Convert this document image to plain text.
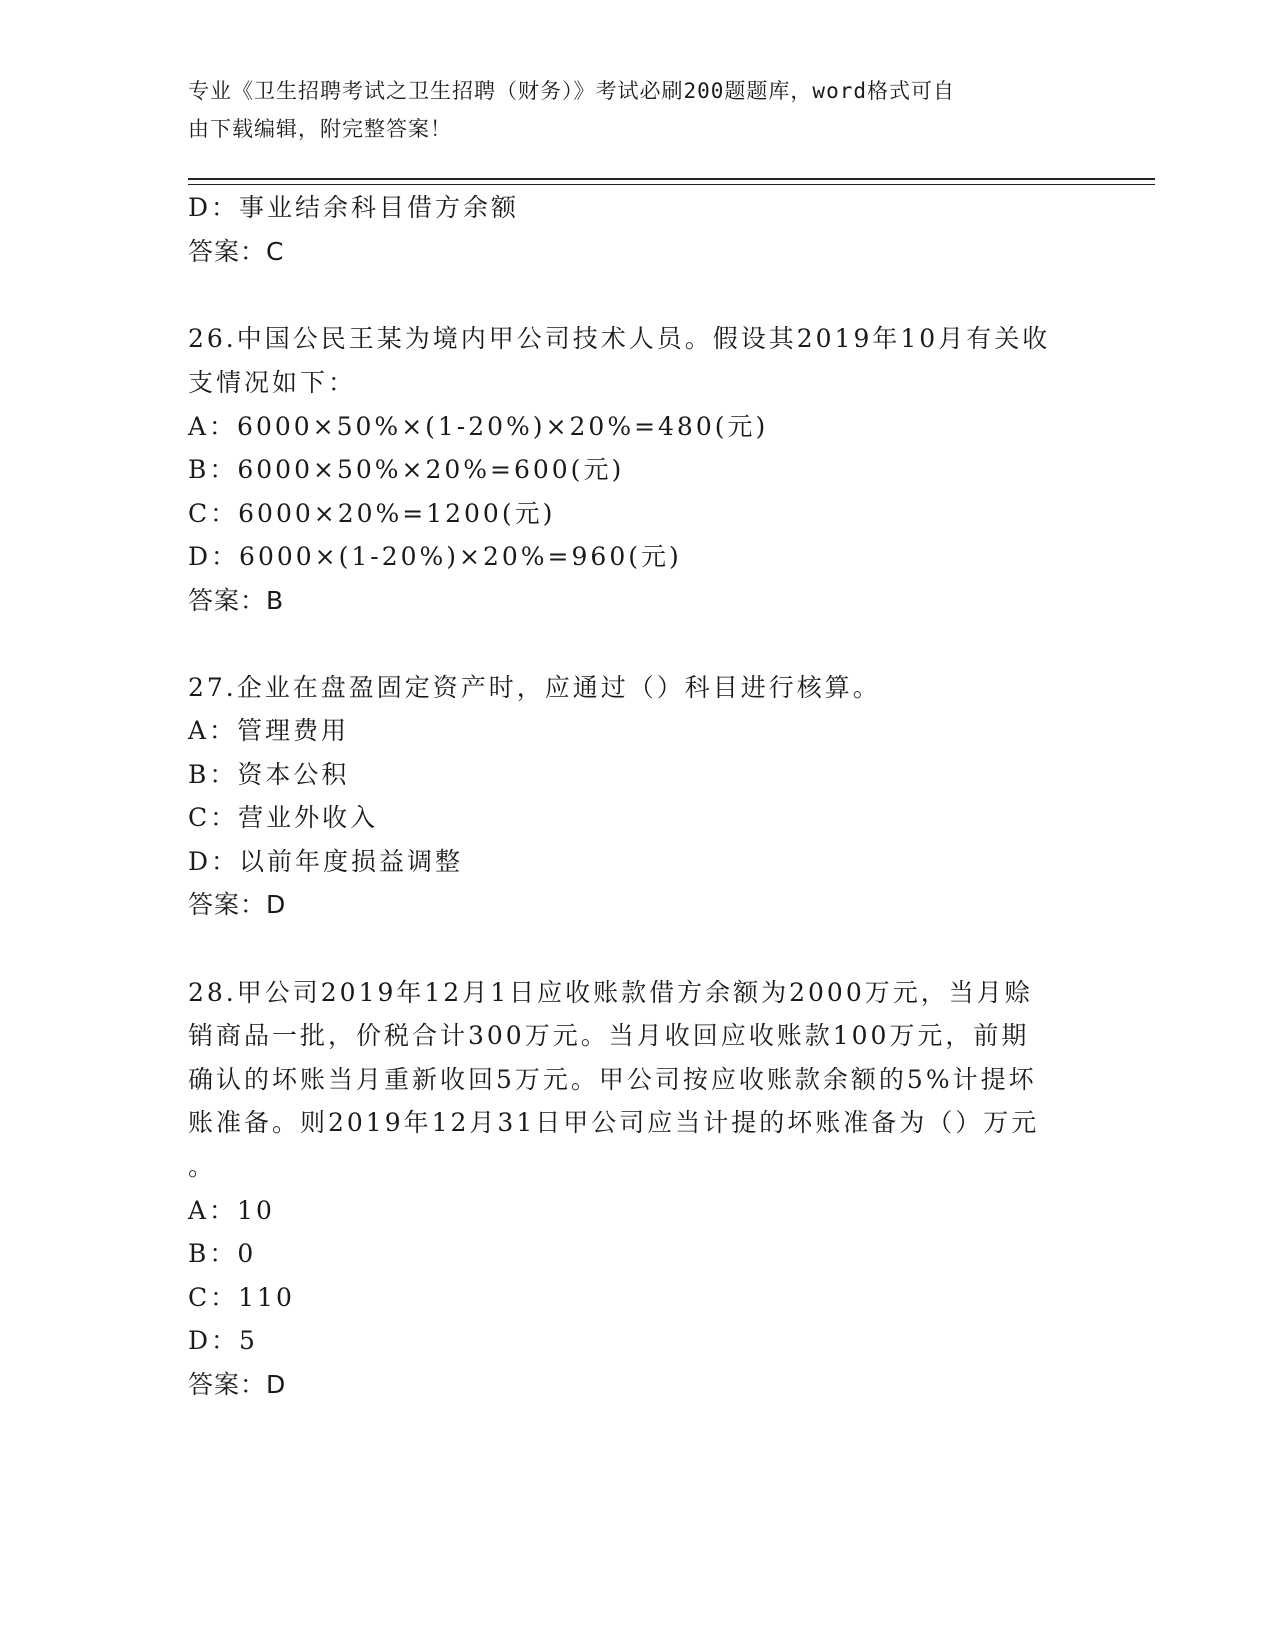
专业《卫生招聘考试之卫生招聘（财务）》考试必刷200题题库，word格式可自
由下载编辑，附完整答案！
D：事业结余科目借方余额
答案：C
26.中国公民王某为境内甲公司技术人员。假设其2019年10月有关收
支情况如下：
A：6000×50%×(1-20%)×20%=480(元)
B：6000×50%×20%=600(元)
C：6000×20%=1200(元)
D：6000×(1-20%)×20%=960(元)
答案：B
27.企业在盘盈固定资产时，应通过（）科目进行核算。
A：管理费用
B：资本公积
C：营业外收入
D：以前年度损益调整
答案：D
28.甲公司2019年12月1日应收账款借方余额为2000万元，当月赊
销商品一批，价税合计300万元。当月收回应收账款100万元，前期
确认的坏账当月重新收回5万元。甲公司按应收账款余额的5%计提坏
账准备。则2019年12月31日甲公司应当计提的坏账准备为（）万元
。
A：10
B：0
C：110
D：5
答案：D
